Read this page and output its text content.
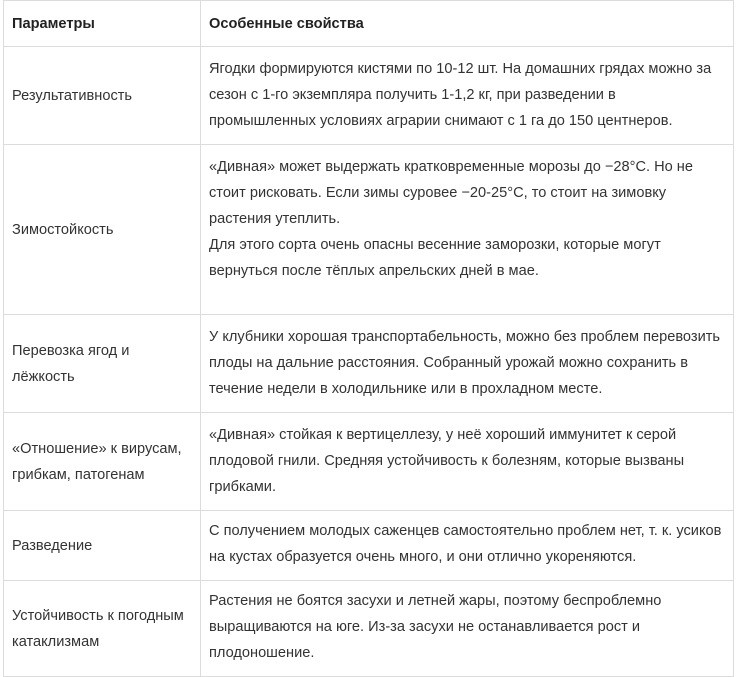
Параметры	Особенные свойства
Результативность	Ягодки формируются кистями по 10-12 шт. На домашних грядах можно за сезон с 1-го экземпляра получить 1-1,2 кг, при разведении в промышленных условиях аграрии снимают с 1 га до 150 центнеров.

Зимостойкость	«Дивная» может выдержать кратковременные морозы до −28°C. Но не стоит рисковать. Если зимы суровее −20-25°C, то стоит на зимовку растения утеплить.

Для этого сорта очень опасны весенние заморозки, которые могут вернуться после тёплых апрельских дней в мае.

Перевозка ягод и лёжкость	У клубники хорошая транспортабельность, можно без проблем перевозить плоды на дальние расстояния. Собранный урожай можно сохранить в течение недели в холодильнике или в прохладном месте.

«Отношение» к вирусам, грибкам, патогенам	«Дивная» стойкая к вертицеллезу, у неё хороший иммунитет к серой плодовой гнили. Средняя устойчивость к болезням, которые вызваны грибками.

Разведение	С получением молодых саженцев самостоятельно проблем нет, т. к. усиков на кустах образуется очень много, и они отлично укореняются.

Устойчивость к погодным катаклизмам	Растения не боятся засухи и летней жары, поэтому беспроблемно выращиваются на юге. Из-за засухи не останавливается рост и плодоношение.
